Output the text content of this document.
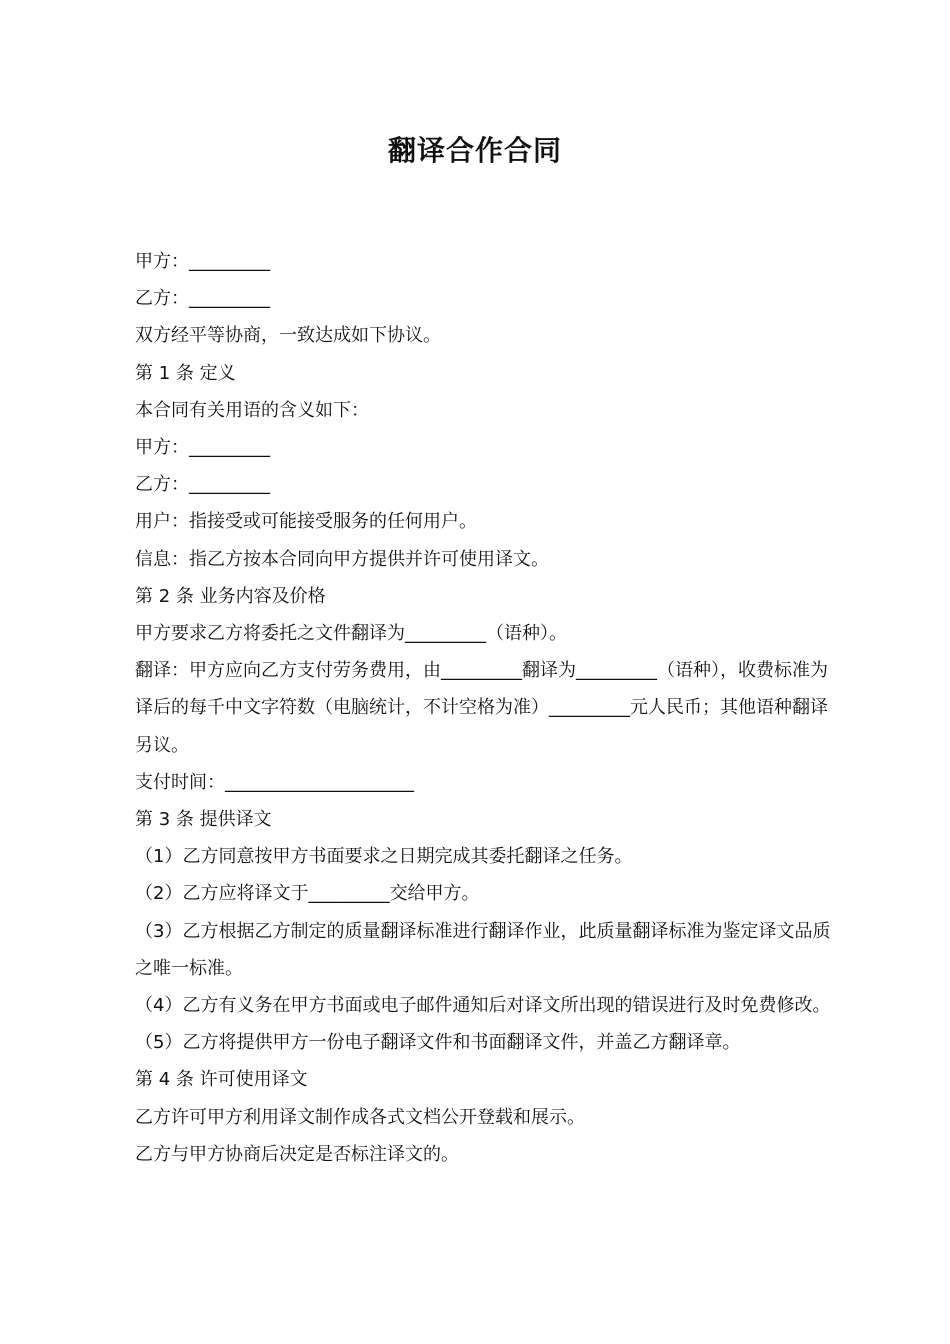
翻译合作合同

甲方：_________

乙方：_________

双方经平等协商，一致达成如下协议。

第 1 条 定义

本合同有关用语的含义如下：

甲方：_________

乙方：_________

用户：指接受或可能接受服务的任何用户。

信息：指乙方按本合同向甲方提供并许可使用译文。

第 2 条 业务内容及价格

甲方要求乙方将委托之文件翻译为_________（语种）。

翻译：甲方应向乙方支付劳务费用，由_________翻译为_________（语种），收费标准为译后的每千中文字符数（电脑统计，不计空格为准）_________元人民币；其他语种翻译另议。

支付时间：_____________________

第 3 条 提供译文

（1）乙方同意按甲方书面要求之日期完成其委托翻译之任务。

（2）乙方应将译文于_________交给甲方。

（3）乙方根据乙方制定的质量翻译标准进行翻译作业，此质量翻译标准为鉴定译文品质之唯一标准。

（4）乙方有义务在甲方书面或电子邮件通知后对译文所出现的错误进行及时免费修改。

（5）乙方将提供甲方一份电子翻译文件和书面翻译文件，并盖乙方翻译章。

第 4 条 许可使用译文

乙方许可甲方利用译文制作成各式文档公开登载和展示。

乙方与甲方协商后决定是否标注译文的。
